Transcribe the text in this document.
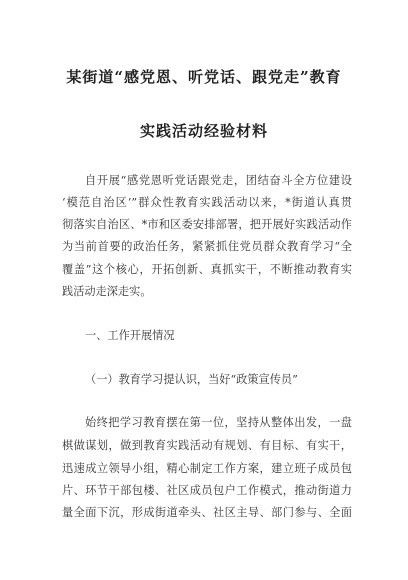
某街道“感党恩、听党话、跟党走”教育
实践活动经验材料
自开展“感党恩听党话跟党走，团结奋斗全方位建设
‘模范自治区’”群众性教育实践活动以来，*街道认真贯
彻落实自治区、*市和区委安排部署，把开展好实践活动作
为当前首要的政治任务，紧紧抓住党员群众教育学习“全
覆盖”这个核心，开拓创新、真抓实干，不断推动教育实
践活动走深走实。
一、工作开展情况
（一）教育学习提认识，当好“政策宣传员”
始终把学习教育摆在第一位，坚持从整体出发，一盘
棋做谋划，做到教育实践活动有规划、有目标、有实干，
迅速成立领导小组，精心制定工作方案，建立班子成员包
片、环节干部包楼、社区成员包户工作模式，推动街道力
量全面下沉，形成街道牵头、社区主导、部门参与、全面
